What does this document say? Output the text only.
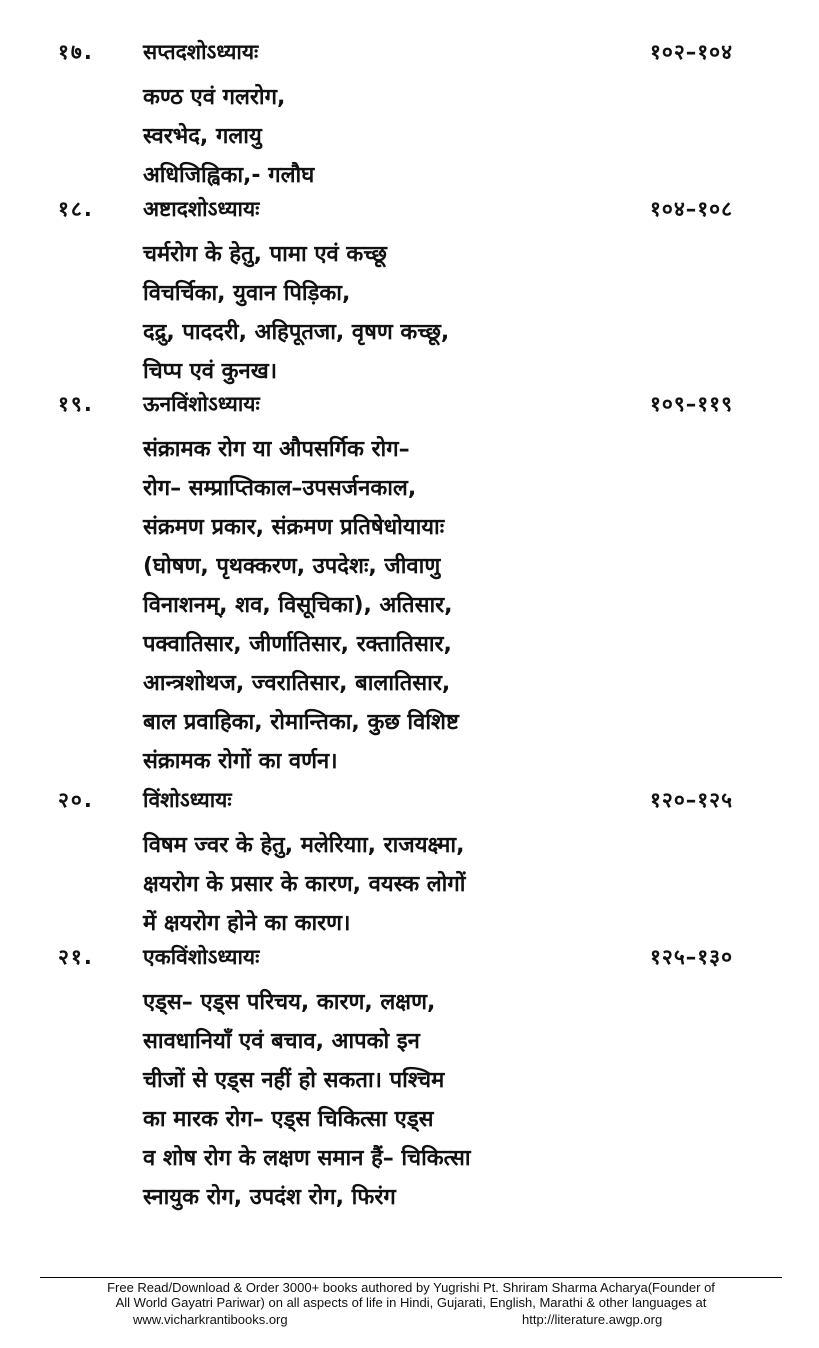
१७. सप्तदशोऽध्यायः	१०२–१०४
कण्ठ एवं गलरोग,
स्वरभेद, गलायु
अधिजिह्विका,- गलौघ
१८. अष्टादशोऽध्यायः	१०४–१०८
चर्मरोग के हेतु, पामा एवं कच्छू
विचर्चिका, युवान पिड़िका,
दद्रु, पाददरी, अहिपूतजा, वृषण कच्छू,
चिप्प एवं कुनख।
१९. ऊनविंशोऽध्यायः	१०९–११९
संक्रामक रोग या औपसर्गिक रोग–
रोग– सम्प्राप्तिकाल–उपसर्जनकाल,
संक्रमण प्रकार, संक्रमण प्रतिषेधोयायाः
(घोषण, पृथक्करण, उपदेशः, जीवाणु
विनाशनम्, शव, विसूचिका), अतिसार,
पक्वातिसार, जीर्णातिसार, रक्तातिसार,
आन्त्रशोथज, ज्वरातिसार, बालातिसार,
बाल प्रवाहिका, रोमान्तिका, कुछ विशिष्ट
संक्रामक रोगों का वर्णन।
२०. विंशोऽध्यायः	१२०–१२५
विषम ज्वर के हेतु, मलेरियाा, राजयक्ष्मा,
क्षयरोग के प्रसार के कारण, वयस्क लोगों
में क्षयरोग होने का कारण।
२१. एकविंशोऽध्यायः	१२५–१३०
एड्स– एड्स परिचय, कारण, लक्षण,
सावधानियाँ एवं बचाव, आपको इन
चीजों से एड्स नहीं हो सकता। पश्चिम
का मारक रोग– एड्स चिकित्सा एड्स
व शोष रोग के लक्षण समान हैं– चिकित्सा
स्नायुक रोग, उपदंश रोग, फिरंग
Free Read/Download & Order 3000+ books authored by Yugrishi Pt. Shriram Sharma Acharya(Founder of
All World Gayatri Pariwar) on all aspects of life in Hindi, Gujarati, English, Marathi & other languages at
www.vicharkrantibooks.org	http://literature.awgp.org
